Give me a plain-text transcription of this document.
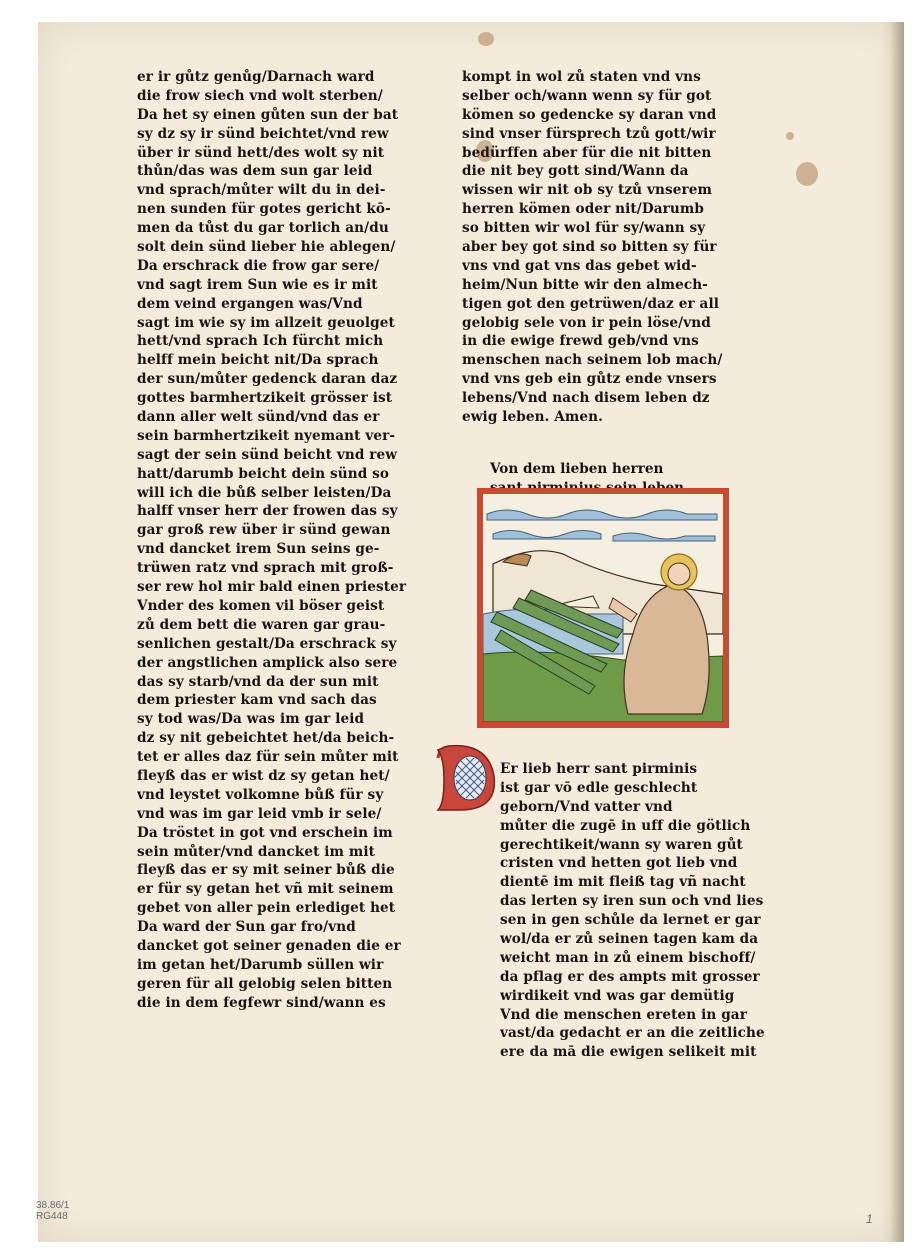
er ir gůtz genůg/Darnach ward
die frow siech vnd wolt sterben/
Da het sy einen gůten sun der bat
sy dz sy ir sünd beichtet/vnd rew
über ir sünd hett/des wolt sy nit
thůn/das was dem sun gar leid
vnd sprach/můter wilt du in dei-
nen sunden für gotes gericht kō-
men da tůst du gar torlich an/du
solt dein sünd lieber hie ablegen/
Da erschrack die frow gar sere/
vnd sagt irem Sun wie es ir mit
dem veind ergangen was/Vnd
sagt im wie sy im allzeit geuolget
hett/vnd sprach Ich fürcht mich
helff mein beicht nit/Da sprach
der sun/můter gedenck daran daz
gottes barmhertzikeit grösser ist
dann aller welt sünd/vnd das er
sein barmhertzikeit nyemant ver-
sagt der sein sünd beicht vnd rew
hatt/darumb beicht dein sünd so
will ich die bůß selber leisten/Da
halff vnser herr der frowen das sy
gar groß rew über ir sünd gewan
vnd dancket irem Sun seins ge-
trüwen ratz vnd sprach mit groß-
ser rew hol mir bald einen priester
Vnder des komen vil böser geist
zů dem bett die waren gar grau-
senlichen gestalt/Da erschrack sy
der angstlichen amplick also sere
das sy starb/vnd da der sun mit
dem priester kam vnd sach das
sy tod was/Da was im gar leid
dz sy nit gebeichtet het/da beich-
tet er alles daz für sein můter mit
fleyß das er wist dz sy getan het/
vnd leystet volkomne bůß für sy
vnd was im gar leid vmb ir sele/
Da tröstet in got vnd erschein im
sein můter/vnd dancket im mit
fleyß das er sy mit seiner bůß die
er für sy getan het vñ mit seinem
gebet von aller pein erlediget het
Da ward der Sun gar fro/vnd
dancket got seiner genaden die er
im getan het/Darumb süllen wir
geren für all gelobig selen bitten
die in dem fegfewr sind/wann es
kompt in wol zů staten vnd vns
selber och/wann wenn sy für got
kömen so gedencke sy daran vnd
sind vnser fürsprech tzů gott/wir
bedürffen aber für die nit bitten
die nit bey gott sind/Wann da
wissen wir nit ob sy tzů vnserem
herren kömen oder nit/Darumb
so bitten wir wol für sy/wann sy
aber bey got sind so bitten sy für
vns vnd gat vns das gebet wid-
heim/Nun bitte wir den almech-
tigen got den getrüwen/daz er all
gelobig sele von ir pein löse/vnd
in die ewige frewd geb/vnd vns
menschen nach seinem lob mach/
vnd vns geb ein gůtz ende vnsers
lebens/Vnd nach disem leben dz
ewig leben. Amen.
Von dem lieben herren
Er lieb herr sant pirminis
ist gar vō edle geschlecht
geborn/Vnd vatter vnd
můter die zugē in uff die götlich
gerechtikeit/wann sy waren gůt
cristen vnd hetten got lieb vnd
dientē im mit fleiß tag vñ nacht
das lerten sy iren sun och vnd lies
sen in gen schůle da lernet er gar
wol/da er zů seinen tagen kam da
weicht man in zů einem bischoff/
da pflag er des ampts mit grosser
wirdikeit vnd was gar demütig
Vnd die menschen ereten in gar
vast/da gedacht er an die zeitliche
ere da mā die ewigen selikeit mit
38.86/1
RG448	1
